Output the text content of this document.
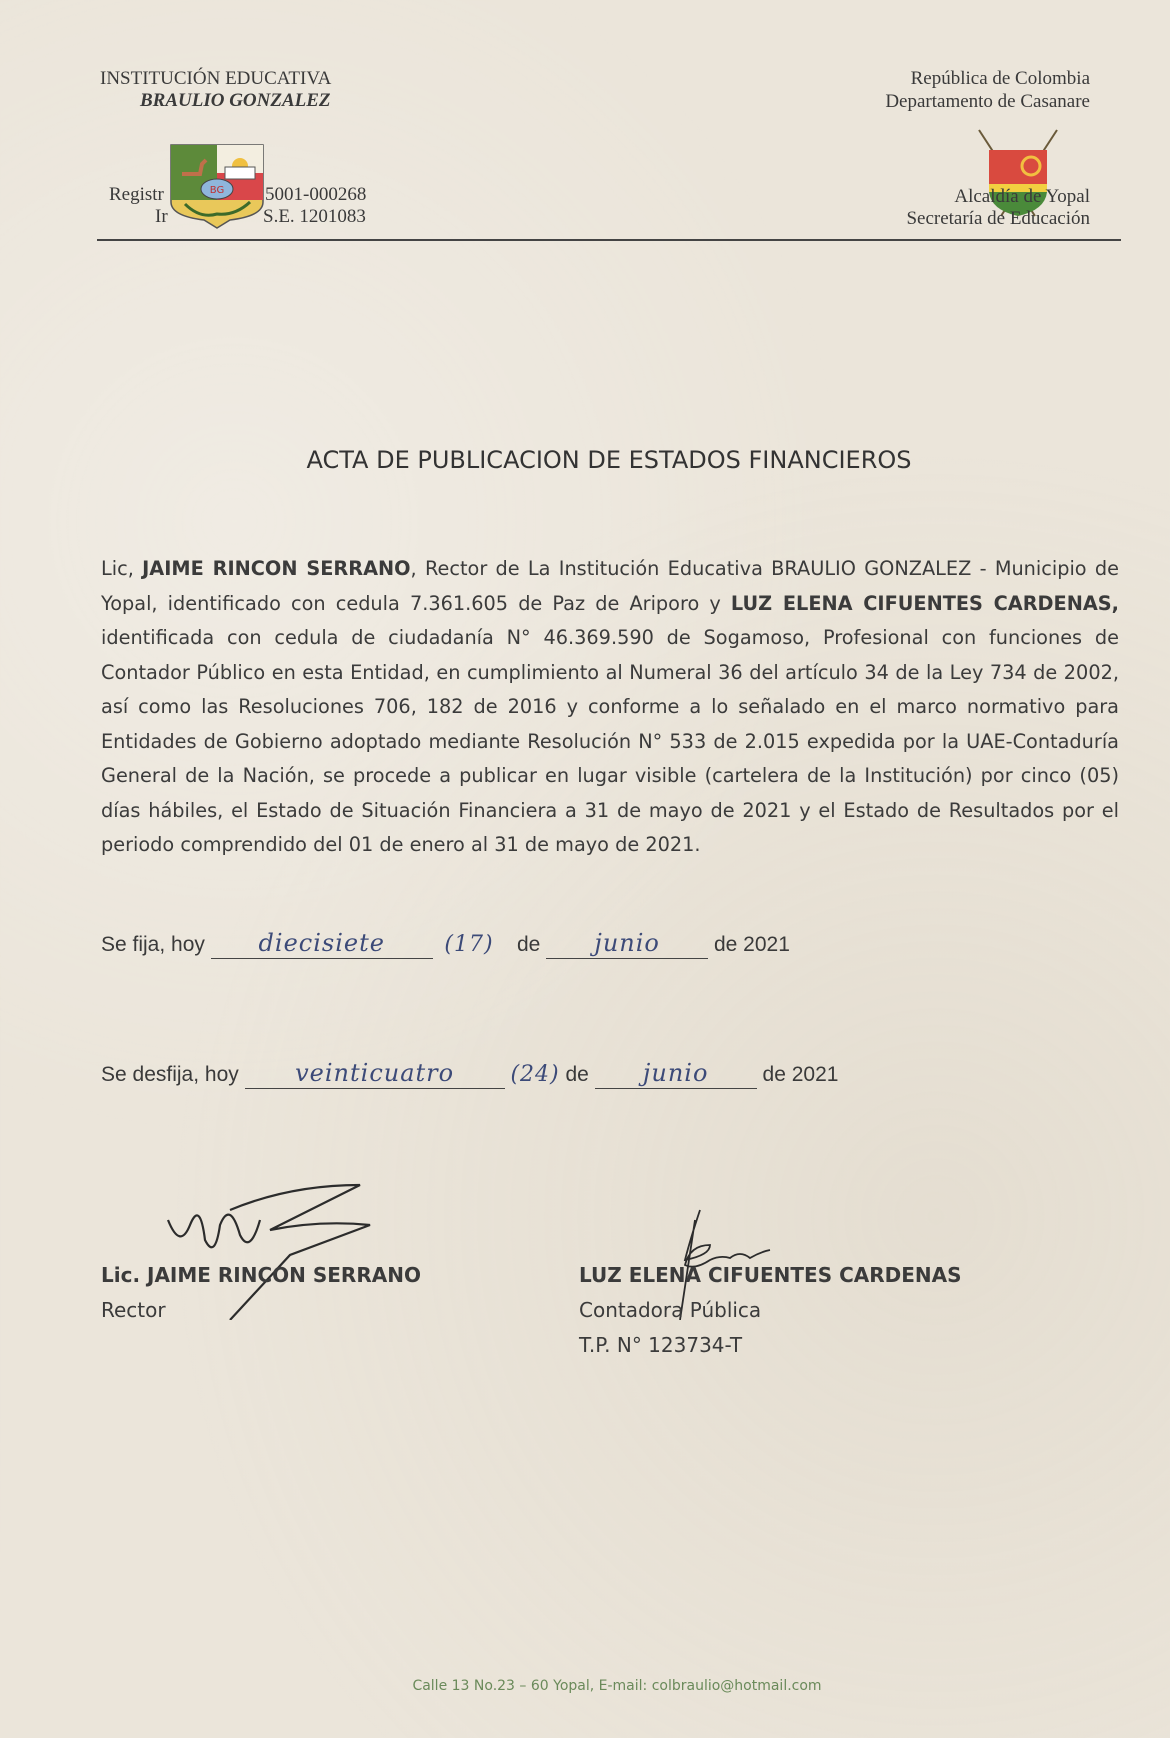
INSTITUCIÓN EDUCATIVA
BRAULIO GONZALEZ
Registr
Ir
5001-000268
S.E. 1201083
BG
República de Colombia
Departamento de Casanare
Alcaldía de Yopal
Secretaría de Educación
ACTA DE PUBLICACION DE ESTADOS FINANCIEROS
Lic, JAIME RINCON SERRANO, Rector de La Institución Educativa BRAULIO GONZALEZ - Municipio de Yopal, identificado con cedula 7.361.605 de Paz de Ariporo y LUZ ELENA CIFUENTES CARDENAS, identificada con cedula de ciudadanía N° 46.369.590 de Sogamoso, Profesional con funciones de Contador Público en esta Entidad, en cumplimiento al Numeral 36 del artículo 34 de la Ley 734 de 2002, así como las Resoluciones 706, 182 de 2016 y conforme a lo señalado en el marco normativo para Entidades de Gobierno adoptado mediante Resolución N° 533 de 2.015 expedida por la UAE-Contaduría General de la Nación, se procede a publicar en lugar visible (cartelera de la Institución) por cinco (05) días hábiles, el Estado de Situación Financiera a 31 de mayo de 2021 y el Estado de Resultados por el periodo comprendido del 01 de enero al 31 de mayo de 2021.
Se fija, hoy
	diecisiete
	(17)
de
	junio
	de 2021
Se desfija, hoy
	veinticuatro
	(24)
de
	junio
	de 2021
Lic. JAIME RINCON SERRANO
Rector
LUZ ELENA CIFUENTES CARDENAS
Contadora Pública
T.P. N° 123734-T
Calle 13 No.23 – 60 Yopal, E-mail: colbraulio@hotmail.com
